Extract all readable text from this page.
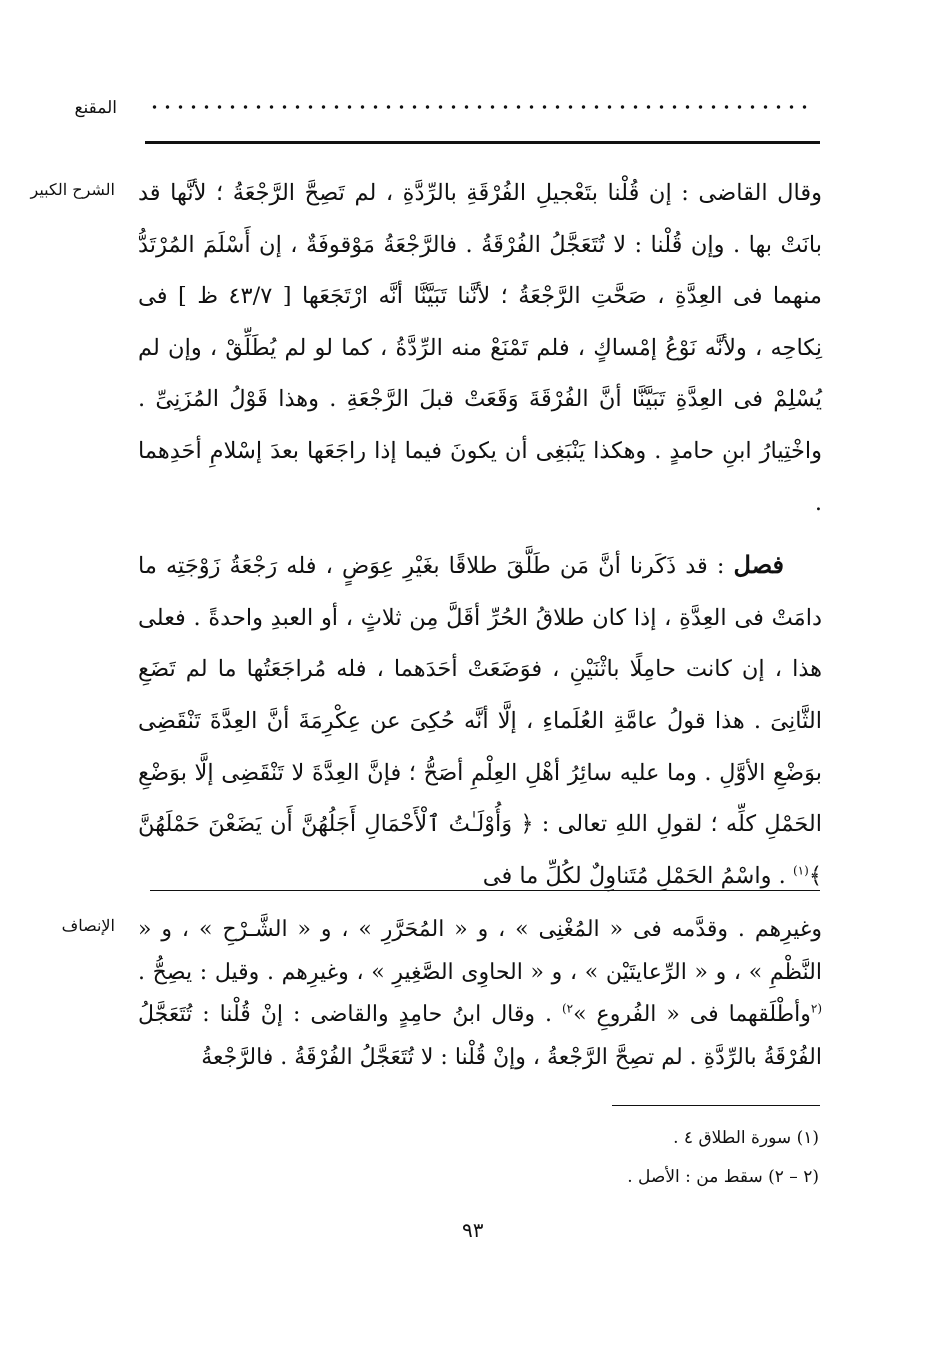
المقنع
الشرح الكبير وقال القاضى : إن قُلْنا بتَعْجيلِ الفُرْقَةِ بالرِّدَّةِ ، لم تَصِحَّ الرَّجْعَةُ ؛ لأنَّها قد بانَتْ بها . وإن قُلْنا : لا تُتَعَجَّلُ الفُرْقَةُ . فالرَّجْعَةُ مَوْقوفَةٌ ، إن أَسْلَمَ المُرْتَدُّ منهما فى العِدَّةِ ، صَحَّتِ الرَّجْعَةُ ؛ لأنَّنا تَبَيَّنَّا أنَّه ارْتَجَعَها [ ٤٣/٧ ظ ] فى نِكاحِه ، ولأنَّه نَوْعُ إمْساكٍ ، فلم تَمْنَعْ منه الرِّدَّةُ ، كما لو لم يُطَلِّقْ ، وإن لم يُسْلِمْ فى العِدَّةِ تَبَيَّنَّا أنَّ الفُرْقَةَ وَقَعَتْ قبلَ الرَّجْعَةِ . وهذا قَوْلُ المُزَنِىِّ . واخْتِيارُ ابنِ حامدٍ . وهكذا يَنْبَغِى أن يكونَ فيما إذا راجَعَها بعدَ إسْلامِ أحَدِهما .

فصل : قد ذَكَرنا أنَّ مَن طَلَّقَ طلاقًا بغَيْرِ عِوَضٍ ، فله رَجْعَةُ زَوْجَتِه ما دامَتْ فى العِدَّةِ ، إذا كان طلاقُ الحُرِّ أقَلَّ مِن ثلاثٍ ، أو العبدِ واحدةً . فعلى هذا ، إن كانت حامِلًا باثْنَيْنِ ، فوَضَعَتْ أحَدَهما ، فله مُراجَعَتُها ما لم تَضَعِ الثَّانِىَ . هذا قولُ عامَّةِ العُلَماءِ ، إلَّا أنَّه حُكِىَ عن عِكْرِمَةَ أنَّ العِدَّةَ تَنْقَضِى بوَضْعِ الأوَّلِ . وما عليه سائِرُ أهْلِ العِلْمِ أصَحُّ ؛ فإنَّ العِدَّةَ لا تَنْقَضِى إلَّا بوَضْعِ الحَمْلِ كلِّه ؛ لقولِ اللهِ تعالى : ﴿ وَأُوْلَـٰتُ ٱلْأَحْمَالِ أَجَلُهُنَّ أَن يَضَعْنَ حَمْلَهُنَّ ﴾$^{(١)}$ . واسْمُ الحَمْلِ مُتَناوِلٌ لكُلِّ ما فى

الإنصاف وغيرِهم . وقدَّمه فى « المُغْنِى » ، و « المُحَرَّرِ » ، و « الشَّـرْحِ » ، و « النَّظْمِ » ، و « الرِّعايتَيْن » ، و « الحاوِى الصَّغِيرِ » ، وغيرِهم . وقيل : يصِحُّ . $^{(٢}$وأطْلَقهما فى « الفُروعِ »$^{٢)}$ . وقال ابنُ حامِدٍ والقاضى : إنْ قُلْنا : تُتَعَجَّلُ الفُرْقَةُ بالرِّدَّةِ . لم تصِحَّ الرَّجْعةُ ، وإنْ قُلْنا : لا تُتَعَجَّلُ الفُرْقَةُ . فالرَّجْعةُ
(١) سورة الطلاق ٤ .
(٢ – ٢) سقط من : الأصل .
٩٣
